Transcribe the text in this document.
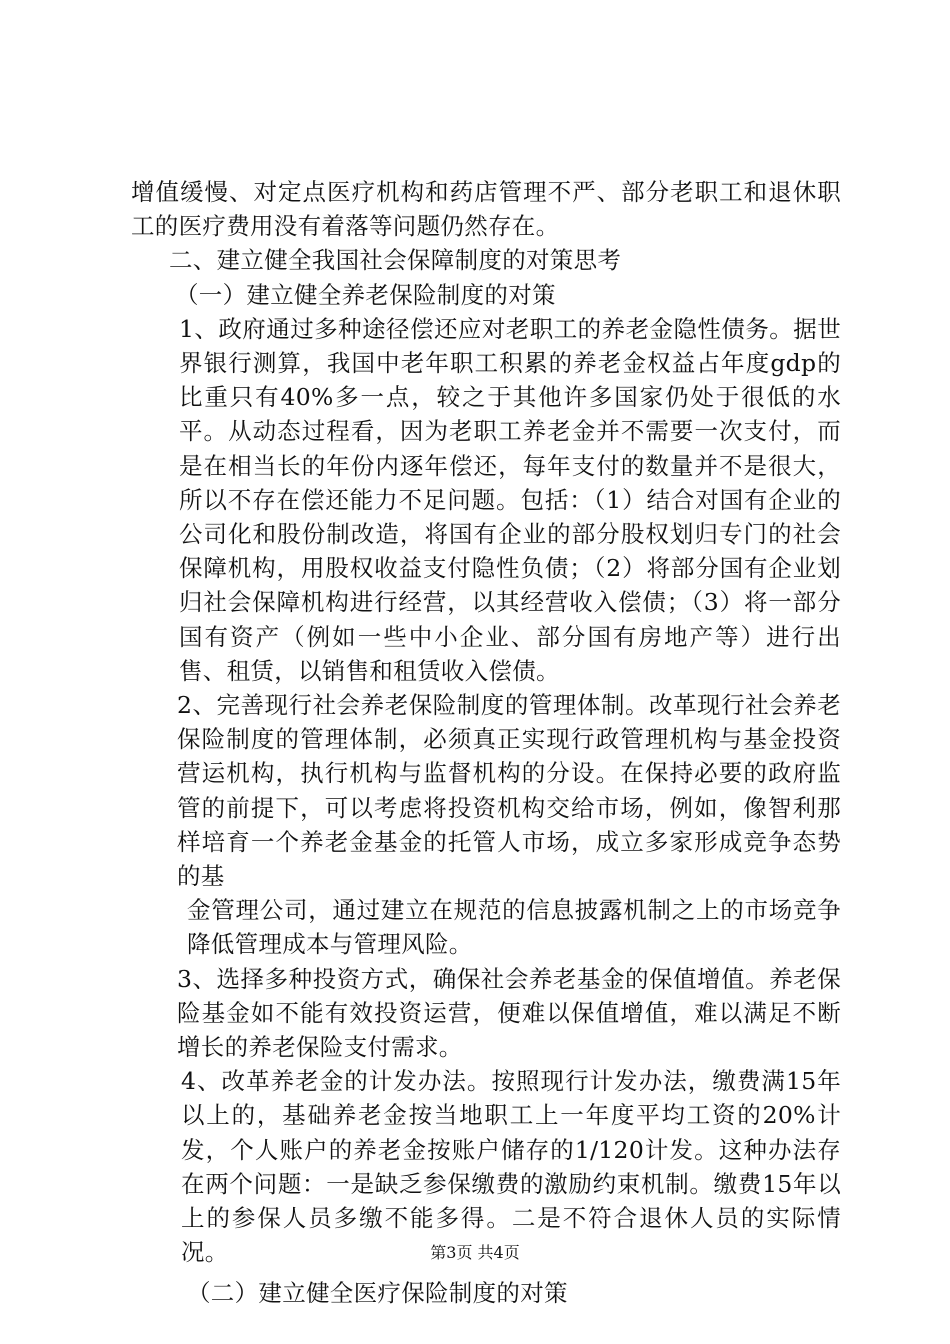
增值缓慢、对定点医疗机构和药店管理不严、部分老职工和退休职工的医疗费用没有着落等问题仍然存在。

二、建立健全我国社会保障制度的对策思考

（一）建立健全养老保险制度的对策

1、政府通过多种途径偿还应对老职工的养老金隐性债务。据世界银行测算，我国中老年职工积累的养老金权益占年度gdp的比重只有40%多一点，较之于其他许多国家仍处于很低的水平。从动态过程看，因为老职工养老金并不需要一次支付，而是在相当长的年份内逐年偿还，每年支付的数量并不是很大，所以不存在偿还能力不足问题。包括：（1）结合对国有企业的公司化和股份制改造，将国有企业的部分股权划归专门的社会保障机构，用股权收益支付隐性负债；（2）将部分国有企业划归社会保障机构进行经营，以其经营收入偿债；（3）将一部分国有资产（例如一些中小企业、部分国有房地产等）进行出售、租赁，以销售和租赁收入偿债。

2、完善现行社会养老保险制度的管理体制。改革现行社会养老保险制度的管理体制，必须真正实现行政管理机构与基金投资营运机构，执行机构与监督机构的分设。在保持必要的政府监管的前提下，可以考虑将投资机构交给市场，例如，像智利那样培育一个养老金基金的托管人市场，成立多家形成竞争态势的基

金管理公司，通过建立在规范的信息披露机制之上的市场竞争降低管理成本与管理风险。

3、选择多种投资方式，确保社会养老基金的保值增值。养老保险基金如不能有效投资运营，便难以保值增值，难以满足不断增长的养老保险支付需求。

4、改革养老金的计发办法。按照现行计发办法，缴费满15年以上的，基础养老金按当地职工上一年度平均工资的20%计发，个人账户的养老金按账户储存的1/120计发。这种办法存在两个问题：一是缺乏参保缴费的激励约束机制。缴费15年以上的参保人员多缴不能多得。二是不符合退休人员的实际情况。

（二）建立健全医疗保险制度的对策

第3页 共4页
